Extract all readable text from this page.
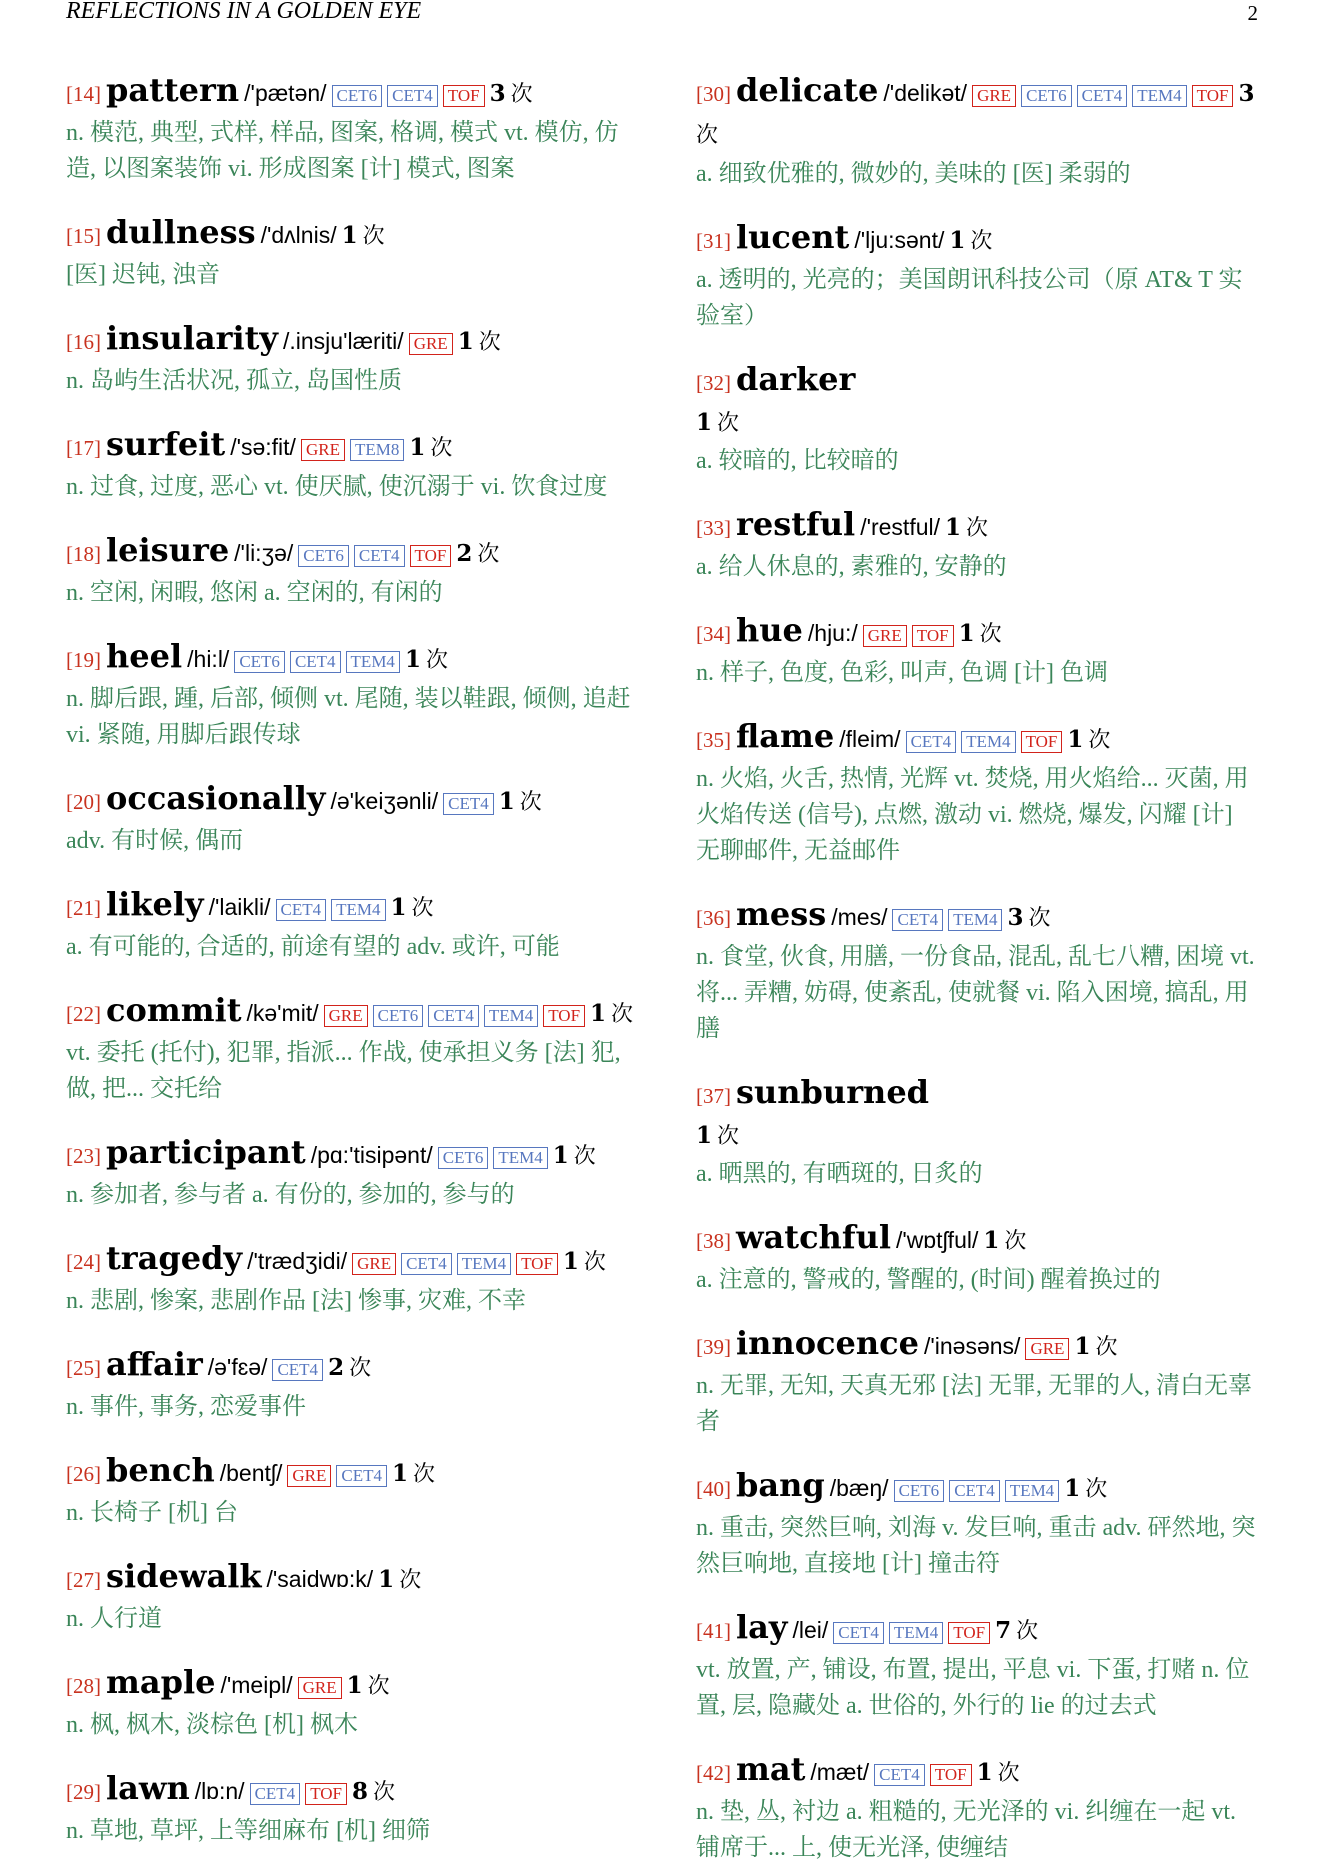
REFLECTIONS IN A GOLDEN EYE	2
[14] pattern /'pætən/ CET6 CET4 TOF 3 次
n. 模范, 典型, 式样, 样品, 图案, 格调, 模式 vt. 模仿, 仿造, 以图案装饰 vi. 形成图案 [计] 模式, 图案
[15] dullness /'dʌlnis/ 1 次
[医] 迟钝, 浊音
[16] insularity /.insju'læriti/ GRE 1 次
n. 岛屿生活状况, 孤立, 岛国性质
[17] surfeit /'sə:fit/ GRE TEM8 1 次
n. 过食, 过度, 恶心 vt. 使厌腻, 使沉溺于 vi. 饮食过度
[18] leisure /'li:ʒə/ CET6 CET4 TOF 2 次
n. 空闲, 闲暇, 悠闲 a. 空闲的, 有闲的
[19] heel /hi:l/ CET6 CET4 TEM4 1 次
n. 脚后跟, 踵, 后部, 倾侧 vt. 尾随, 装以鞋跟, 倾侧, 追赶 vi. 紧随, 用脚后跟传球
[20] occasionally /ə'keiʒənli/ CET4 1 次
adv. 有时候, 偶而
[21] likely /'laikli/ CET4 TEM4 1 次
a. 有可能的, 合适的, 前途有望的 adv. 或许, 可能
[22] commit /kə'mit/ GRE CET6 CET4 TEM4 TOF 1 次
vt. 委托 (托付), 犯罪, 指派... 作战, 使承担义务 [法] 犯, 做, 把... 交托给
[23] participant /pɑ:'tisipənt/ CET6 TEM4 1 次
n. 参加者, 参与者 a. 有份的, 参加的, 参与的
[24] tragedy /'trædʒidi/ GRE CET4 TEM4 TOF 1 次
n. 悲剧, 惨案, 悲剧作品 [法] 惨事, 灾难, 不幸
[25] affair /ə'fɛə/ CET4 2 次
n. 事件, 事务, 恋爱事件
[26] bench /bentʃ/ GRE CET4 1 次
n. 长椅子 [机] 台
[27] sidewalk /'saidwɒ:k/ 1 次
n. 人行道
[28] maple /'meipl/ GRE 1 次
n. 枫, 枫木, 淡棕色 [机] 枫木
[29] lawn /lɒ:n/ CET4 TOF 8 次
n. 草地, 草坪, 上等细麻布 [机] 细筛
[30] delicate /'delikət/ GRE CET6 CET4 TEM4 TOF 3 次
a. 细致优雅的, 微妙的, 美味的 [医] 柔弱的
[31] lucent /'lju:sənt/ 1 次
a. 透明的, 光亮的；美国朗讯科技公司（原 AT& T 实验室）
[32] darker
1 次
a. 较暗的, 比较暗的
[33] restful /'restful/ 1 次
a. 给人休息的, 素雅的, 安静的
[34] hue /hju:/ GRE TOF 1 次
n. 样子, 色度, 色彩, 叫声, 色调 [计] 色调
[35] flame /fleim/ CET4 TEM4 TOF 1 次
n. 火焰, 火舌, 热情, 光辉 vt. 焚烧, 用火焰给... 灭菌, 用火焰传送 (信号), 点燃, 激动 vi. 燃烧, 爆发, 闪耀 [计] 无聊邮件, 无益邮件
[36] mess /mes/ CET4 TEM4 3 次
n. 食堂, 伙食, 用膳, 一份食品, 混乱, 乱七八糟, 困境 vt. 将... 弄糟, 妨碍, 使紊乱, 使就餐 vi. 陷入困境, 搞乱, 用膳
[37] sunburned
1 次
a. 晒黑的, 有晒斑的, 日炙的
[38] watchful /'wɒtʃful/ 1 次
a. 注意的, 警戒的, 警醒的, (时间) 醒着换过的
[39] innocence /'inəsəns/ GRE 1 次
n. 无罪, 无知, 天真无邪 [法] 无罪, 无罪的人, 清白无辜者
[40] bang /bæŋ/ CET6 CET4 TEM4 1 次
n. 重击, 突然巨响, 刘海 v. 发巨响, 重击 adv. 砰然地, 突然巨响地, 直接地 [计] 撞击符
[41] lay /lei/ CET4 TEM4 TOF 7 次
vt. 放置, 产, 铺设, 布置, 提出, 平息 vi. 下蛋, 打赌 n. 位置, 层, 隐藏处 a. 世俗的, 外行的 lie 的过去式
[42] mat /mæt/ CET4 TOF 1 次
n. 垫, 丛, 衬边 a. 粗糙的, 无光泽的 vi. 纠缠在一起 vt. 铺席于... 上, 使无光泽, 使缠结
